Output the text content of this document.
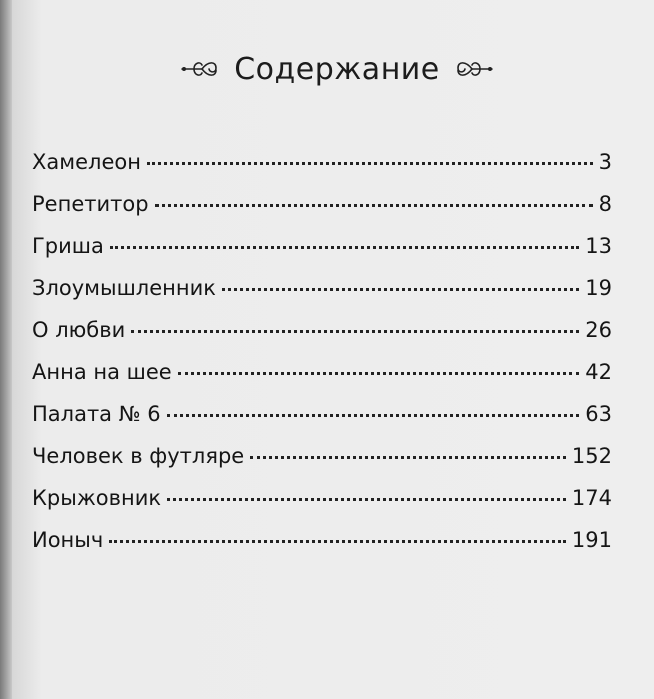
Содержание
Хамелеон	3
Репетитор	8
Гриша	13
Злоумышленник	19
О любви	26
Анна на шее	42
Палата № 6	63
Человек в футляре	152
Крыжовник	174
Ионыч	191
